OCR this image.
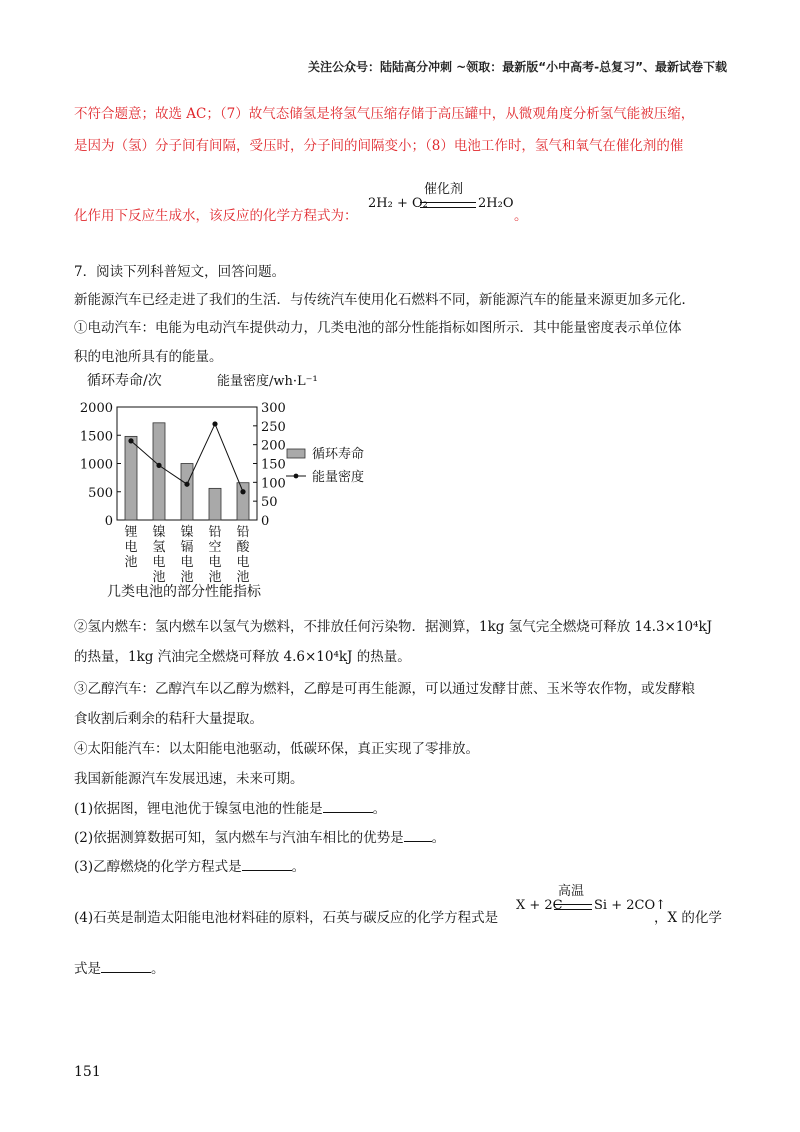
关注公众号：陆陆高分冲刺 ~领取：最新版“小中高考-总复习”、最新试卷下载
不符合题意；故选 AC；（7）故气态储氢是将氢气压缩存储于高压罐中，从微观角度分析氢气能被压缩，
是因为（氢）分子间有间隔，受压时，分子间的间隔变小；（8）电池工作时，氢气和氧气在催化剂的催
化作用下反应生成水，该反应的化学方程式为：
2H₂ + O₂
催化剂
2H₂O
。
7．阅读下列科普短文，回答问题。
新能源汽车已经走进了我们的生活．与传统汽车使用化石燃料不同，新能源汽车的能量来源更加多元化．
①电动汽车：电能为电动汽车提供动力，几类电池的部分性能指标如图所示．其中能量密度表示单位体
积的电池所具有的能量。
循环寿命/次	能量密度/wh·L⁻¹
2000
1500
1000
500
0
300
250
200
150
100
50
0
锂
电
池
镍
氢
电
池
镍
镉
电
池
铅
空
电
池
铅
酸
电
池
循环寿命
能量密度
几类电池的部分性能指标
②氢内燃车：氢内燃车以氢气为燃料，不排放任何污染物．据测算，1kg 氢气完全燃烧可释放 14.3×10⁴kJ
的热量，1kg 汽油完全燃烧可释放 4.6×10⁴kJ 的热量。
③乙醇汽车：乙醇汽车以乙醇为燃料，乙醇是可再生能源，可以通过发酵甘蔗、玉米等农作物，或发酵粮
食收割后剩余的秸秆大量提取。
④太阳能汽车：以太阳能电池驱动，低碳环保，真正实现了零排放。
我国新能源汽车发展迅速，未来可期。
(1)依据图，锂电池优于镍氢电池的性能是	。
(2)依据测算数据可知，氢内燃车与汽油车相比的优势是 。
(3)乙醇燃烧的化学方程式是	。
(4)石英是制造太阳能电池材料硅的原料，石英与碳反应的化学方程式是
X + 2C
高温
Si + 2CO↑
，X 的化学
式是	。
151
